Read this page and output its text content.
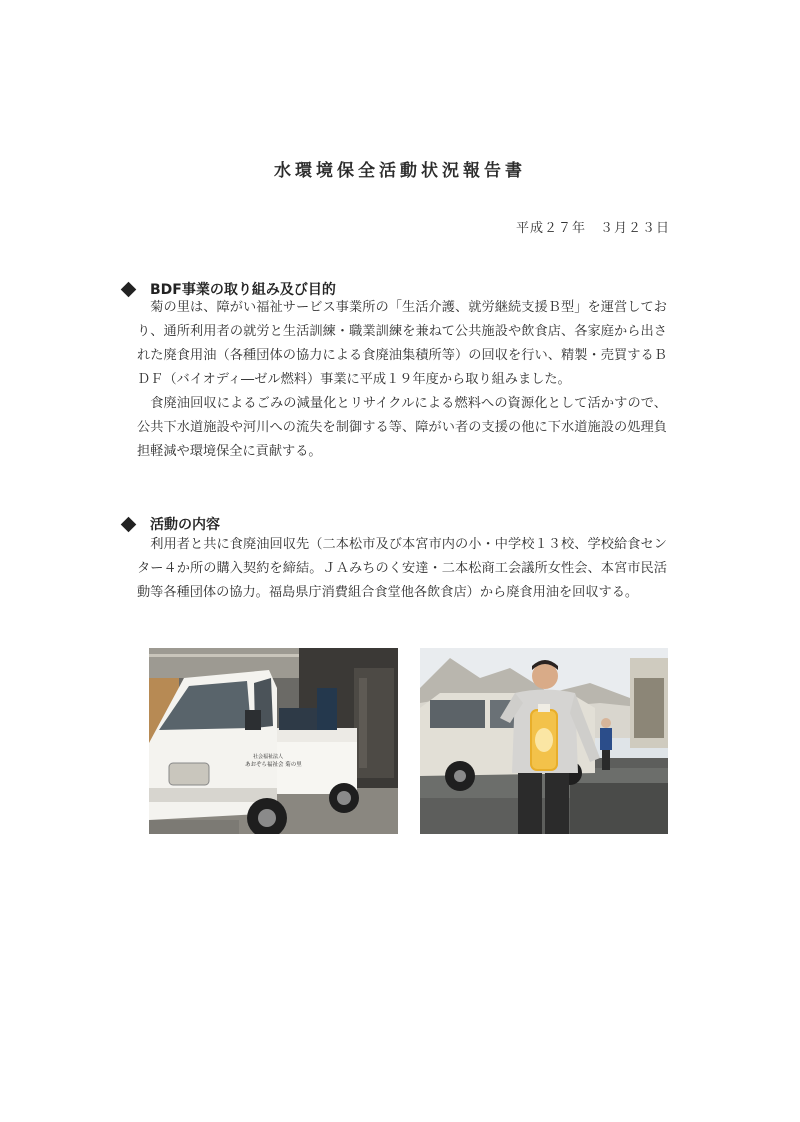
水環境保全活動状況報告書
平成２７年　３月２３日
BDF事業の取り組み及び目的

菊の里は、障がい福祉サービス事業所の「生活介護、就労継続支援Ｂ型」を運営しており、通所利用者の就労と生活訓練・職業訓練を兼ねて公共施設や飲食店、各家庭から出された廃食用油（各種団体の協力による食廃油集積所等）の回収を行い、精製・売買するＢＤＦ（バイオディ―ゼル燃料）事業に平成１９年度から取り組みました。

食廃油回収によるごみの減量化とリサイクルによる燃料への資源化として活かすので、公共下水道施設や河川への流失を制御する等、障がい者の支援の他に下水道施設の処理負担軽減や環境保全に貢献する。

活動の内容

利用者と共に食廃油回収先（二本松市及び本宮市内の小・中学校１３校、学校給食センター４か所の購入契約を締結。ＪＡみちのく安達・二本松商工会議所女性会、本宮市民活動等各種団体の協力。福島県庁消費組合食堂他各飲食店）から廃食用油を回収する。

社会福祉法人
あおぞら福祉会 菊の里
